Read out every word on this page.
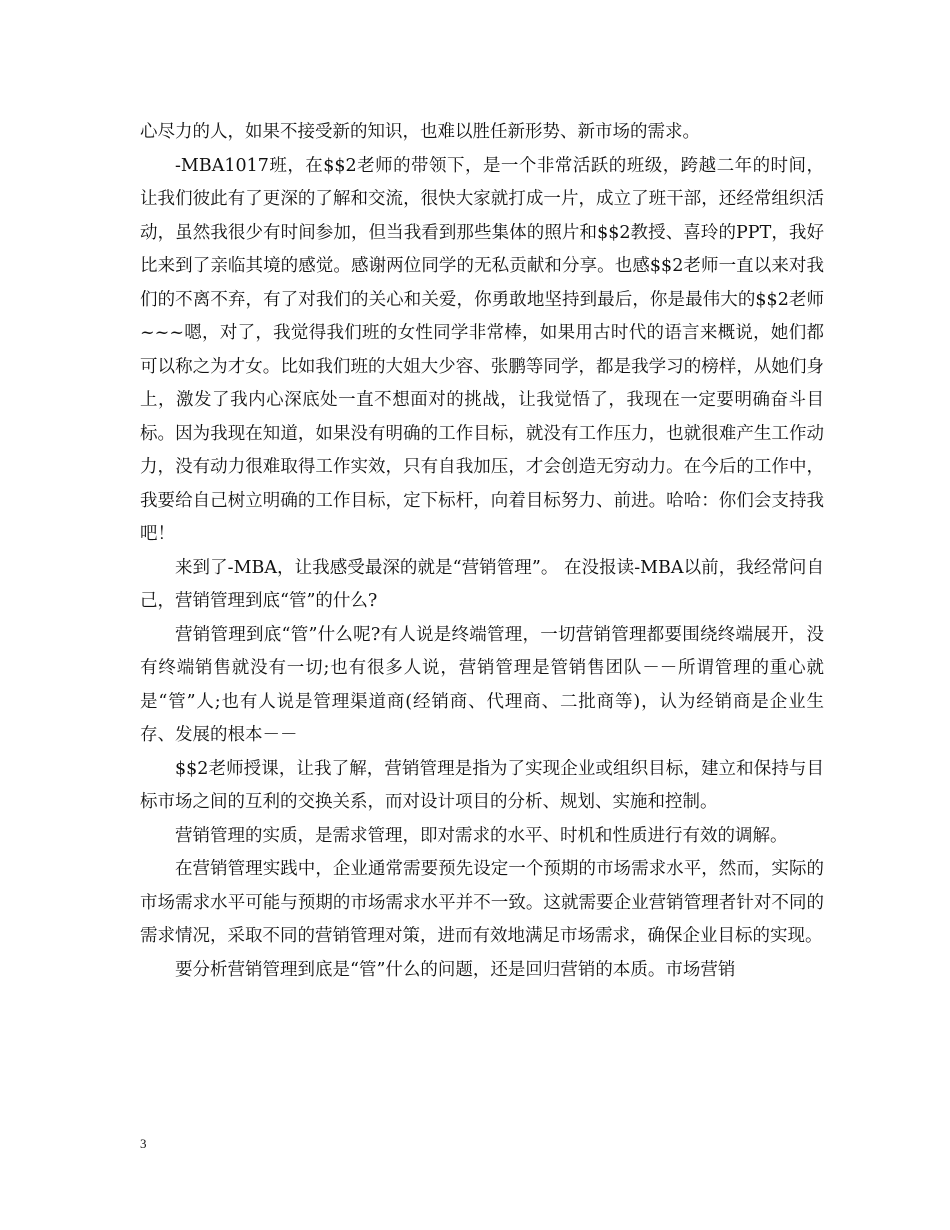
心尽力的人，如果不接受新的知识，也难以胜任新形势、新市场的需求。

-MBA1017班，在$$2老师的带领下，是一个非常活跃的班级，跨越二年的时间，让我们彼此有了更深的了解和交流，很快大家就打成一片，成立了班干部，还经常组织活动，虽然我很少有时间参加，但当我看到那些集体的照片和$$2教授、喜玲的PPT，我好比来到了亲临其境的感觉。感谢两位同学的无私贡献和分享。也感$$2老师一直以来对我们的不离不弃，有了对我们的关心和关爱，你勇敢地坚持到最后，你是最伟大的$$2老师~~~嗯，对了，我觉得我们班的女性同学非常棒，如果用古时代的语言来概说，她们都可以称之为才女。比如我们班的大姐大少容、张鹏等同学，都是我学习的榜样，从她们身上，激发了我内心深底处一直不想面对的挑战，让我觉悟了，我现在一定要明确奋斗目标。因为我现在知道，如果没有明确的工作目标，就没有工作压力，也就很难产生工作动力，没有动力很难取得工作实效，只有自我加压，才会创造无穷动力。在今后的工作中，我要给自己树立明确的工作目标，定下标杆，向着目标努力、前进。哈哈：你们会支持我吧！

来到了-MBA，让我感受最深的就是“营销管理”。 在没报读-MBA以前，我经常问自己，营销管理到底“管”的什么?

营销管理到底“管”什么呢?有人说是终端管理，一切营销管理都要围绕终端展开，没有终端销售就没有一切;也有很多人说，营销管理是管销售团队－－所谓管理的重心就是“管”人;也有人说是管理渠道商(经销商、代理商、二批商等)，认为经销商是企业生存、发展的根本－－

$$2老师授课，让我了解，营销管理是指为了实现企业或组织目标，建立和保持与目标市场之间的互利的交换关系，而对设计项目的分析、规划、实施和控制。

营销管理的实质，是需求管理，即对需求的水平、时机和性质进行有效的调解。

在营销管理实践中，企业通常需要预先设定一个预期的市场需求水平，然而，实际的市场需求水平可能与预期的市场需求水平并不一致。这就需要企业营销管理者针对不同的需求情况，采取不同的营销管理对策，进而有效地满足市场需求，确保企业目标的实现。

要分析营销管理到底是“管”什么的问题，还是回归营销的本质。市场营销

3
